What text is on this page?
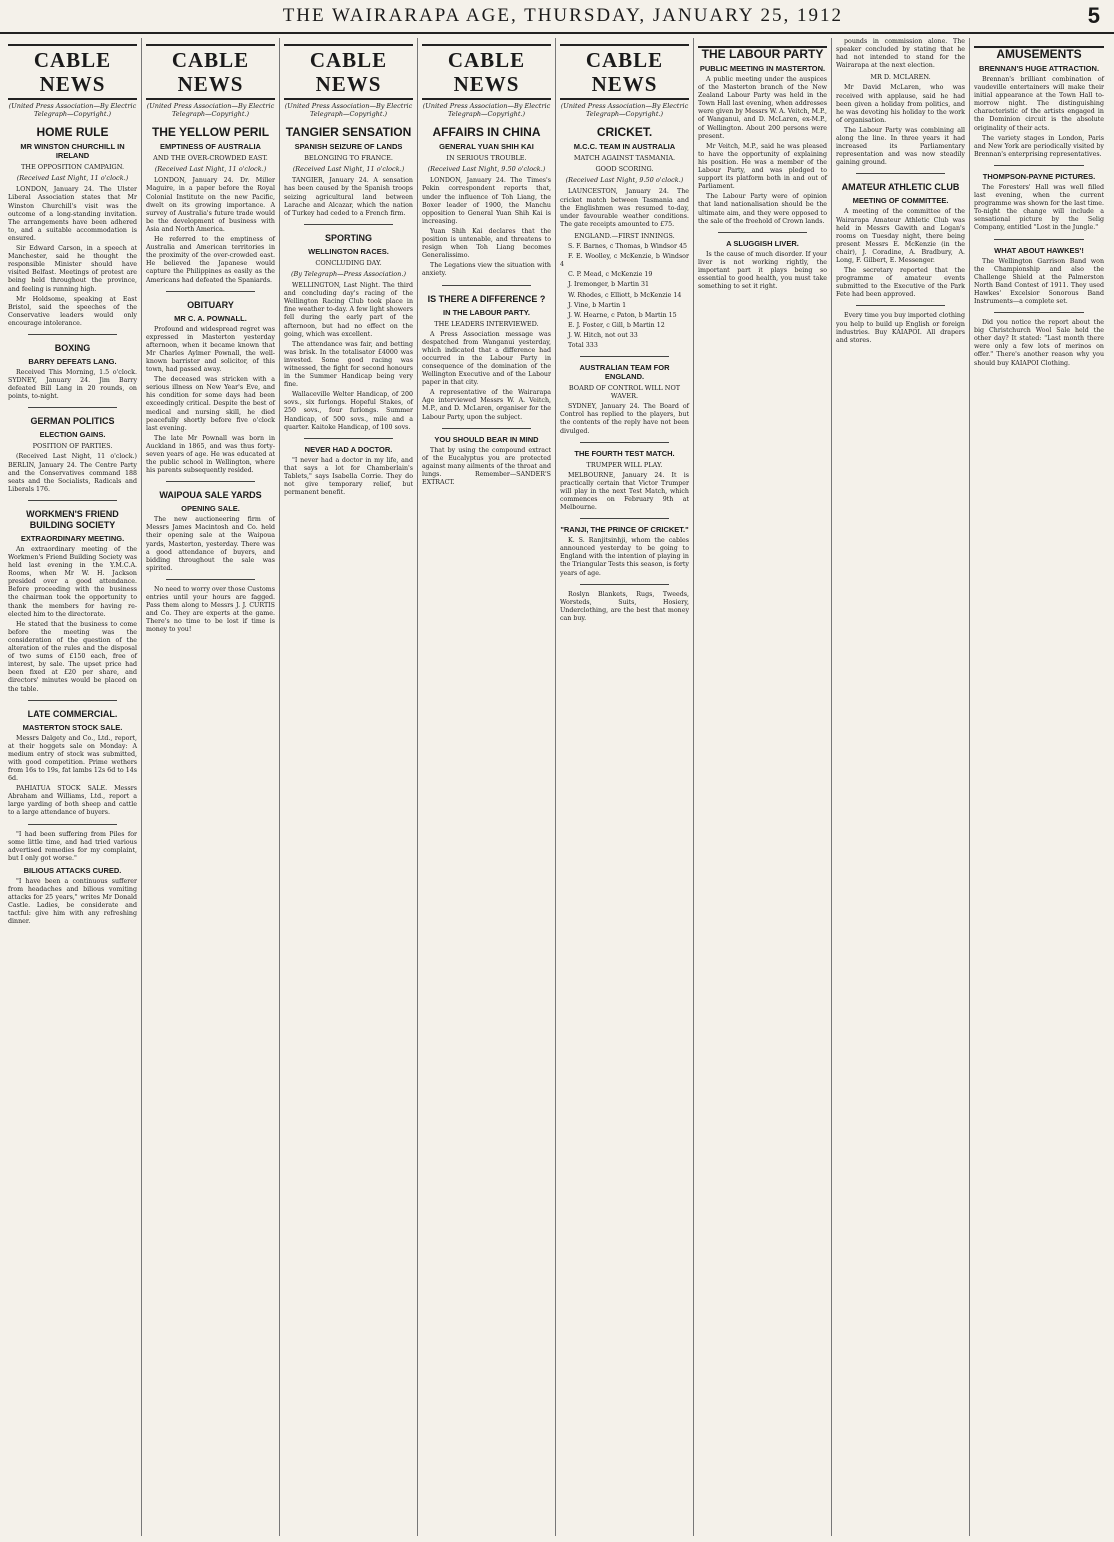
THE WAIRARAPA AGE, THURSDAY, JANUARY 25, 1912	5
CABLE NEWS
(United Press Association—By Electric Telegraph—Copyright.)
HOME RULE
MR WINSTON CHURCHILL IN IRELAND
THE OPPOSITION CAMPAIGN.
(Received Last Night, 11 o'clock.)

LONDON, January 24. The Ulster Liberal Association states that Mr Winston Churchill's visit was the outcome of a long-standing invitation. The arrangements have been adhered to, and a suitable accommodation is ensured.

Sir Edward Carson, in a speech at Manchester, said he thought the responsible Minister should have visited Belfast. Meetings of protest are being held throughout the province, and feeling is running high.

Mr Holdsome, speaking at East Bristol, said the speeches of the Conservative leaders would only encourage intolerance.

BOXING
BARRY DEFEATS LANG.

Received This Morning, 1.5 o'clock. SYDNEY, January 24. Jim Barry defeated Bill Lang in 20 rounds, on points, to-night.

GERMAN POLITICS
ELECTION GAINS.
POSITION OF PARTIES.

(Received Last Night, 11 o'clock.) BERLIN, January 24. The Centre Party and the Conservatives command 188 seats and the Socialists, Radicals and Liberals 176.

WORKMEN'S FRIEND BUILDING SOCIETY
EXTRAORDINARY MEETING.

An extraordinary meeting of the Workmen's Friend Building Society was held last evening in the Y.M.C.A. Rooms, when Mr W. H. Jackson presided over a good attendance. Before proceeding with the business the chairman took the opportunity to thank the members for having re-elected him to the directorate.

He stated that the business to come before the meeting was the consideration of the question of the alteration of the rules and the disposal of two sums of £150 each, free of interest, by sale. The upset price had been fixed at £20 per share, and directors' minutes would be placed on the table.

LATE COMMERCIAL.
MASTERTON STOCK SALE.

Messrs Dalgety and Co., Ltd., report, at their hoggets sale on Monday: A medium entry of stock was submitted, with good competition. Prime wethers from 16s to 19s, fat lambs 12s 6d to 14s 6d.

PAHIATUA STOCK SALE. Messrs Abraham and Williams, Ltd., report a large yarding of both sheep and cattle to a large attendance of buyers.

"I had been suffering from Piles for some little time, and had tried various advertised remedies for my complaint, but I only got worse."

BILIOUS ATTACKS CURED.

"I have been a continuous sufferer from headaches and bilious vomiting attacks for 25 years," writes Mr Donald Castle. Ladies, be considerate and tactful: give him with any refreshing dinner.

CABLE NEWS
(United Press Association—By Electric Telegraph—Copyright.)
THE YELLOW PERIL
EMPTINESS OF AUSTRALIA
AND THE OVER-CROWDED EAST.
(Received Last Night, 11 o'clock.)

LONDON, January 24. Dr. Miller Maguire, in a paper before the Royal Colonial Institute on the new Pacific, dwelt on its growing importance. A survey of Australia's future trade would be the development of business with Asia and North America.

He referred to the emptiness of Australia and American territories in the proximity of the over-crowded east. He believed the Japanese would capture the Philippines as easily as the Americans had defeated the Spaniards.

OBITUARY
MR C. A. POWNALL.

Profound and widespread regret was expressed in Masterton yesterday afternoon, when it became known that Mr Charles Aylmer Pownall, the well-known barrister and solicitor, of this town, had passed away.

The deceased was stricken with a serious illness on New Year's Eve, and his condition for some days had been exceedingly critical. Despite the best of medical and nursing skill, he died peacefully shortly before five o'clock last evening.

The late Mr Pownall was born in Auckland in 1865, and was thus forty-seven years of age. He was educated at the public school in Wellington, where his parents subsequently resided.

WAIPOUA SALE YARDS
OPENING SALE.

The new auctioneering firm of Messrs James Macintosh and Co. held their opening sale at the Waipoua yards, Masterton, yesterday. There was a good attendance of buyers, and bidding throughout the sale was spirited.

No need to worry over those Customs entries until your hours are fagged. Pass them along to Messrs J. J. CURTIS and Co. They are experts at the game. There's no time to be lost if time is money to you!

CABLE NEWS
(United Press Association—By Electric Telegraph—Copyright.)
TANGIER SENSATION
SPANISH SEIZURE OF LANDS
BELONGING TO FRANCE.
(Received Last Night, 11 o'clock.)

TANGIER, January 24. A sensation has been caused by the Spanish troops seizing agricultural land between Larache and Alcazar, which the nation of Turkey had ceded to a French firm.

SPORTING
WELLINGTON RACES.
CONCLUDING DAY.
(By Telegraph—Press Association.)

WELLINGTON, Last Night. The third and concluding day's racing of the Wellington Racing Club took place in fine weather to-day. A few light showers fell during the early part of the afternoon, but had no effect on the going, which was excellent.

The attendance was fair, and betting was brisk. In the totalisator £4000 was invested. Some good racing was witnessed, the fight for second honours in the Summer Handicap being very fine.

Wallaceville Welter Handicap, of 200 sovs., six furlongs. Hopeful Stakes, of 250 sovs., four furlongs. Summer Handicap, of 500 sovs., mile and a quarter. Kaitoke Handicap, of 100 sovs.

NEVER HAD A DOCTOR.

"I never had a doctor in my life, and that says a lot for Chamberlain's Tablets," says Isabella Corrie. They do not give temporary relief, but permanent benefit.

CABLE NEWS
(United Press Association—By Electric Telegraph—Copyright.)
AFFAIRS IN CHINA
GENERAL YUAN SHIH KAI
IN SERIOUS TROUBLE.
(Received Last Night, 9.50 o'clock.)

LONDON, January 24. The Times's Pekin correspondent reports that, under the influence of Toh Liang, the Boxer leader of 1900, the Manchu opposition to General Yuan Shih Kai is increasing.

Yuan Shih Kai declares that the position is untenable, and threatens to resign when Toh Liang becomes Generalissimo.

The Legations view the situation with anxiety.

IS THERE A DIFFERENCE ?
IN THE LABOUR PARTY.
THE LEADERS INTERVIEWED.

A Press Association message was despatched from Wanganui yesterday, which indicated that a difference had occurred in the Labour Party in consequence of the domination of the Wellington Executive and of the Labour paper in that city.

A representative of the Wairarapa Age interviewed Messrs W. A. Veitch, M.P., and D. McLaren, organiser for the Labour Party, upon the subject.

YOU SHOULD BEAR IN MIND

That by using the compound extract of the Eucalyptus you are protected against many ailments of the throat and lungs. Remember—SANDER'S EXTRACT.

CABLE NEWS
(United Press Association—By Electric Telegraph—Copyright.)
CRICKET.
M.C.C. TEAM IN AUSTRALIA
MATCH AGAINST TASMANIA.
GOOD SCORING.
(Received Last Night, 9.50 o'clock.)

LAUNCESTON, January 24. The cricket match between Tasmania and the Englishmen was resumed to-day, under favourable weather conditions. The gate receipts amounted to £75.

ENGLAND.—FIRST INNINGS.

S. F. Barnes, c Thomas, b Windsor 45

F. E. Woolley, c McKenzie, b Windsor 4

C. P. Mead, c McKenzie 19

J. Iremonger, b Martin 31

W. Rhodes, c Elliott, b McKenzie 14

J. Vine, b Martin 1

J. W. Hearne, c Paton, b Martin 15

E. J. Foster, c Gill, b Martin 12

J. W. Hitch, not out 33

Total 333

AUSTRALIAN TEAM FOR ENGLAND.
BOARD OF CONTROL WILL NOT WAVER.

SYDNEY, January 24. The Board of Control has replied to the players, but the contents of the reply have not been divulged.

THE FOURTH TEST MATCH.
TRUMPER WILL PLAY.

MELBOURNE, January 24. It is practically certain that Victor Trumper will play in the next Test Match, which commences on February 9th at Melbourne.

"RANJI, THE PRINCE OF CRICKET."

K. S. Ranjitsinhji, whom the cables announced yesterday to be going to England with the intention of playing in the Triangular Tests this season, is forty years of age.

Roslyn Blankets, Rugs, Tweeds, Worsteds, Suits, Hosiery, Underclothing, are the best that money can buy.

THE LABOUR PARTY
PUBLIC MEETING IN MASTERTON.

A public meeting under the auspices of the Masterton branch of the New Zealand Labour Party was held in the Town Hall last evening, when addresses were given by Messrs W. A. Veitch, M.P., of Wanganui, and D. McLaren, ex-M.P., of Wellington. About 200 persons were present.

Mr Veitch, M.P., said he was pleased to have the opportunity of explaining his position. He was a member of the Labour Party, and was pledged to support its platform both in and out of Parliament.

The Labour Party were of opinion that land nationalisation should be the ultimate aim, and they were opposed to the sale of the freehold of Crown lands.

A SLUGGISH LIVER.

Is the cause of much disorder. If your liver is not working rightly, the important part it plays being so essential to good health, you must take something to set it right.

pounds in commission alone. The speaker concluded by stating that he had not intended to stand for the Wairarapa at the next election.

MR D. MCLAREN.

Mr David McLaren, who was received with applause, said he had been given a holiday from politics, and he was devoting his holiday to the work of organisation.

The Labour Party was combining all along the line. In three years it had increased its Parliamentary representation and was now steadily gaining ground.

AMATEUR ATHLETIC CLUB
MEETING OF COMMITTEE.

A meeting of the committee of the Wairarapa Amateur Athletic Club was held in Messrs Gawith and Logan's rooms on Tuesday night, there being present Messrs E. McKenzie (in the chair), J. Coradine, A. Bradbury, A. Long, F. Gilbert, E. Messenger.

The secretary reported that the programme of amateur events submitted to the Executive of the Park Fete had been approved.

Every time you buy imported clothing you help to build up English or foreign industries. Buy KAIAPOI. All drapers and stores.

AMUSEMENTS
BRENNAN'S HUGE ATTRACTION.

Brennan's brilliant combination of vaudeville entertainers will make their initial appearance at the Town Hall to-morrow night. The distinguishing characteristic of the artists engaged in the Dominion circuit is the absolute originality of their acts.

The variety stages in London, Paris and New York are periodically visited by Brennan's enterprising representatives.

THOMPSON-PAYNE PICTURES.

The Foresters' Hall was well filled last evening, when the current programme was shown for the last time. To-night the change will include a sensational picture by the Selig Company, entitled "Lost in the Jungle."

WHAT ABOUT HAWKES'!

The Wellington Garrison Band won the Championship and also the Challenge Shield at the Palmerston North Band Contest of 1911. They used Hawkes' Excelsior Sonorous Band Instruments—a complete set.

Did you notice the report about the big Christchurch Wool Sale held the other day? It stated: "Last month there were only a few lots of merinos on offer." There's another reason why you should buy KAIAPOI Clothing.
